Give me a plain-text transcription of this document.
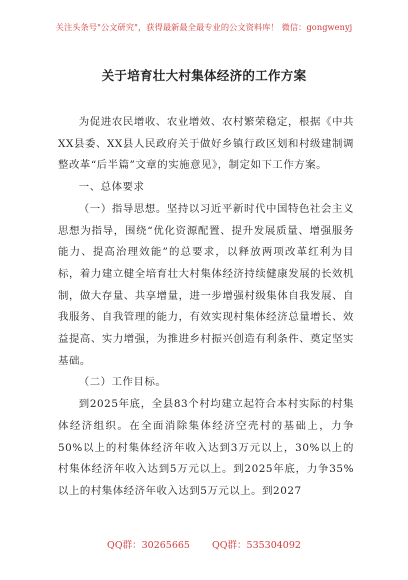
关注头条号"公文研究"，获得最新最全最专业的公文资料库！ 微信：gongwenyj
关于培育壮大村集体经济的工作方案

为促进农民增收、农业增效、农村繁荣稳定，根据《中共XX县委、XX县人民政府关于做好乡镇行政区划和村级建制调整改革“后半篇”文章的实施意见》，制定如下工作方案。

一、总体要求

（一）指导思想。坚持以习近平新时代中国特色社会主义思想为指导，围绕“优化资源配置、提升发展质量、增强服务能力、提高治理效能”的总要求，以释放两项改革红利为目标，着力建立健全培育壮大村集体经济持续健康发展的长效机制，做大存量、共享增量，进一步增强村级集体自我发展、自我服务、自我管理的能力，有效实现村集体经济总量增长、效益提高、实力增强，为推进乡村振兴创造有利条件、奠定坚实基础。

（二）工作目标。

到2025年底，全县83个村均建立起符合本村实际的村集体经济组织。在全面消除集体经济空壳村的基础上，力争50%以上的村集体经济年收入达到3万元以上，30%以上的村集体经济年收入达到5万元以上。到2025年底，力争35%以上的村集体经济年收入达到5万元以上。到2027

QQ群：30265665 QQ群：535304092
